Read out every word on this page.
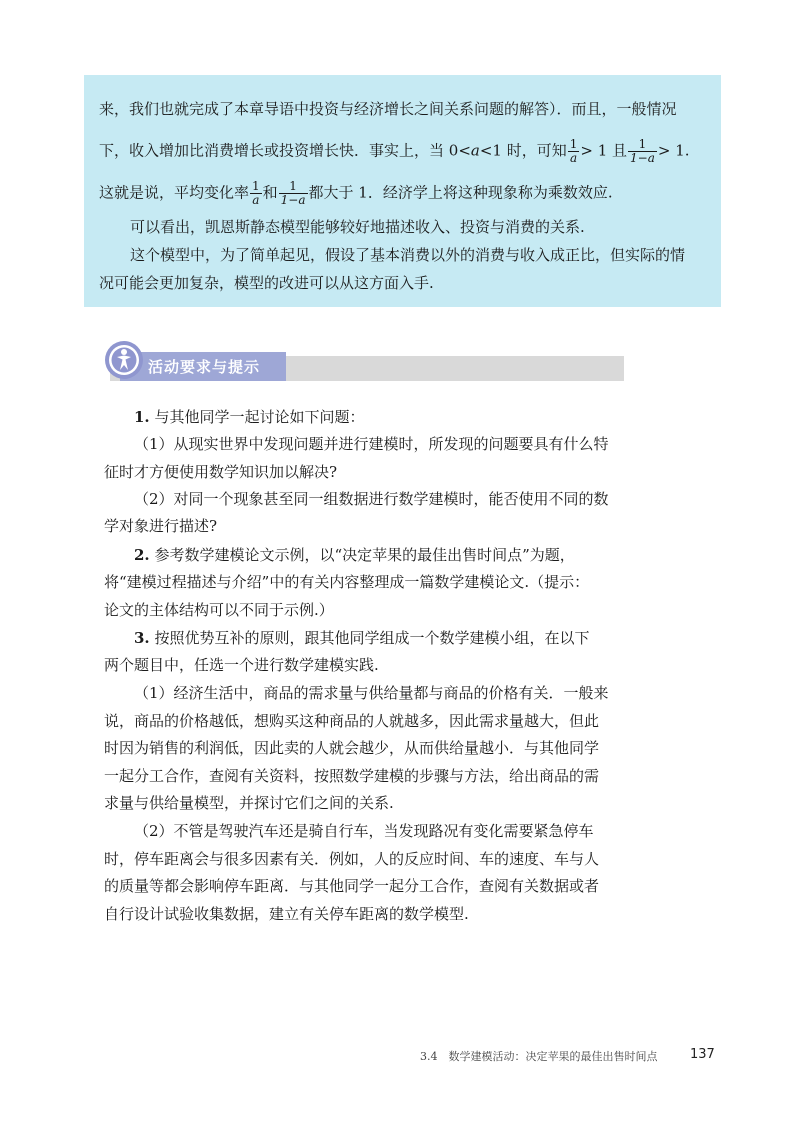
来，我们也就完成了本章导语中投资与经济增长之间关系问题的解答）．而且，一般情况
下，收入增加比消费增长或投资增长快．事实上，当 0<a<1 时，可知 $\frac{1}{a} > 1$ 且 $\frac{1}{1-a} > 1$.
这就是说，平均变化率 $\frac{1}{a}$ 和 $\frac{1}{1-a}$ 都大于 1．经济学上将这种现象称为乘数效应.
可以看出，凯恩斯静态模型能够较好地描述收入、投资与消费的关系.
这个模型中，为了简单起见，假设了基本消费以外的消费与收入成正比，但实际的情
况可能会更加复杂，模型的改进可以从这方面入手.
活动要求与提示
1. 与其他同学一起讨论如下问题：
（1）从现实世界中发现问题并进行建模时，所发现的问题要具有什么特
征时才方便使用数学知识加以解决?
（2）对同一个现象甚至同一组数据进行数学建模时，能否使用不同的数
学对象进行描述?
2. 参考数学建模论文示例，以“决定苹果的最佳出售时间点”为题，
将“建模过程描述与介绍”中的有关内容整理成一篇数学建模论文.（提示：
论文的主体结构可以不同于示例.）
3. 按照优势互补的原则，跟其他同学组成一个数学建模小组，在以下
两个题目中，任选一个进行数学建模实践.
（1）经济生活中，商品的需求量与供给量都与商品的价格有关．一般来
说，商品的价格越低，想购买这种商品的人就越多，因此需求量越大，但此
时因为销售的利润低，因此卖的人就会越少，从而供给量越小．与其他同学
一起分工合作，查阅有关资料，按照数学建模的步骤与方法，给出商品的需
求量与供给量模型，并探讨它们之间的关系.
（2）不管是驾驶汽车还是骑自行车，当发现路况有变化需要紧急停车
时，停车距离会与很多因素有关．例如，人的反应时间、车的速度、车与人
的质量等都会影响停车距离．与其他同学一起分工合作，查阅有关数据或者
自行设计试验收集数据，建立有关停车距离的数学模型.
3.4　数学建模活动：决定苹果的最佳出售时间点	137
